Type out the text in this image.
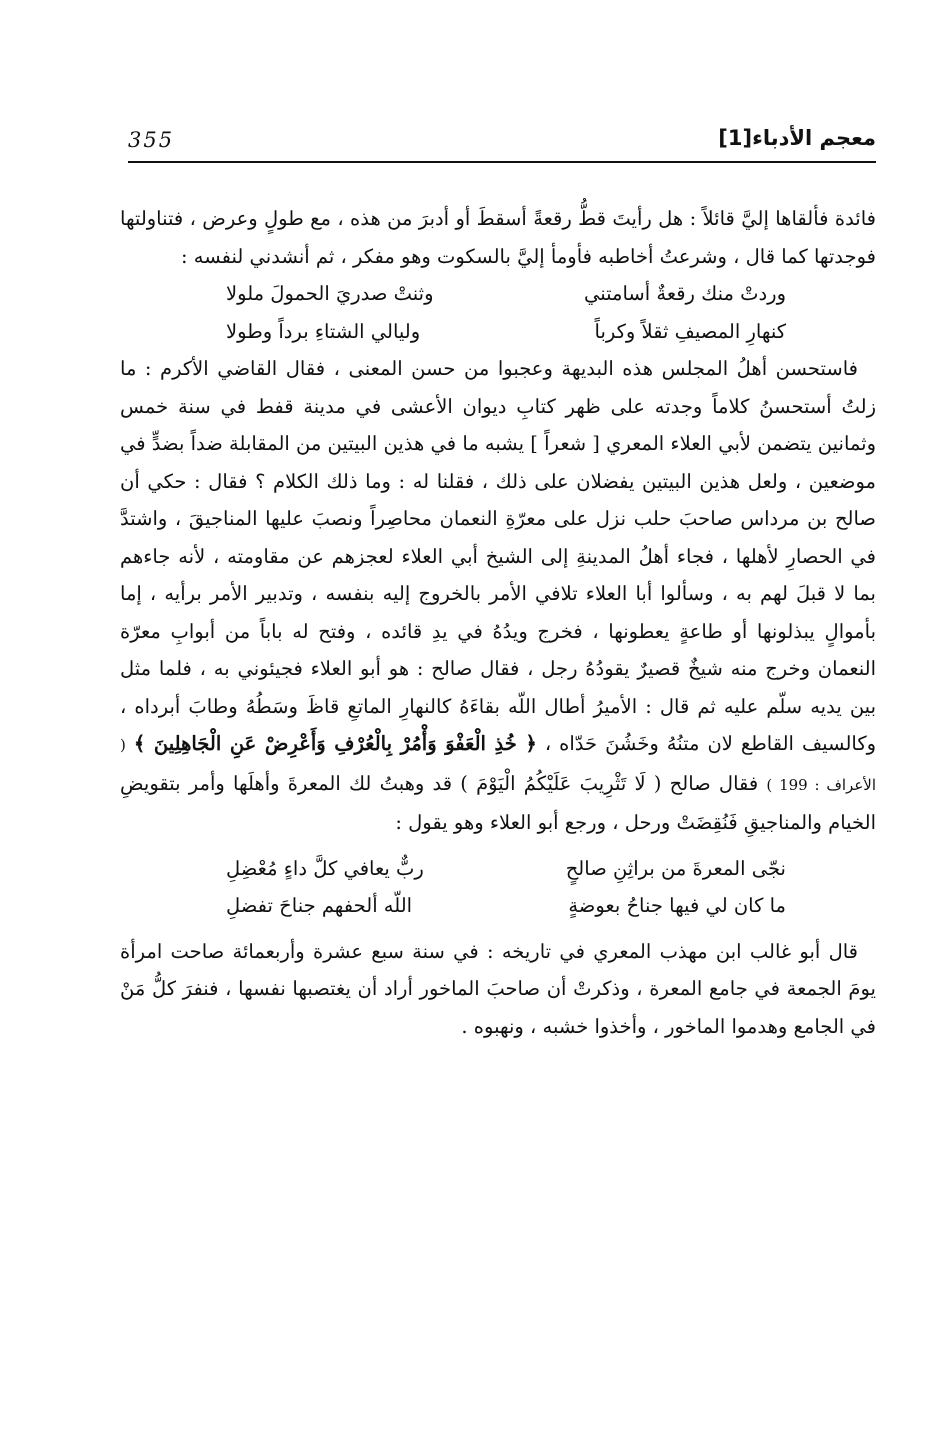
355	معجم الأدباء[1]

فائدة فألقاها إليَّ قائلاً : هل رأيتَ قطُّ رقعةً أسقطَ أو أدبرَ من هذه ، مع طولٍ وعرض ، فتناولتها فوجدتها كما قال ، وشرعتُ أخاطبه فأومأ إليَّ بالسكوت وهو مفكر ، ثم أنشدني لنفسه :

وردتْ منك رقعةٌ أسامتني
وثنتْ صدريَ الحمولَ ملولا
كنهارِ المصيفِ ثقلاً وكرباً
وليالي الشتاءِ برداً وطولا

فاستحسن أهلُ المجلس هذه البديهة وعجبوا من حسن المعنى ، فقال القاضي الأكرم : ما زلتُ أستحسنُ كلاماً وجدته على ظهر كتابِ ديوان الأعشى في مدينة قفط في سنة خمس وثمانين يتضمن لأبي العلاء المعري [ شعراً ] يشبه ما في هذين البيتين من المقابلة ضداً بضدٍّ في موضعين ، ولعل هذين البيتين يفضلان على ذلك ، فقلنا له : وما ذلك الكلام ؟ فقال : حكي أن صالح بن مرداس صاحبَ حلب نزل على معرّةِ النعمان محاصِراً ونصبَ عليها المناجيقَ ، واشتدَّ في الحصارِ لأهلها ، فجاء أهلُ المدينةِ إلى الشيخ أبي العلاء لعجزهم عن مقاومته ، لأنه جاءهم بما لا قبلَ لهم به ، وسألوا أبا العلاء تلافي الأمر بالخروج إليه بنفسه ، وتدبير الأمر برأيه ، إما بأموالٍ يبذلونها أو طاعةٍ يعطونها ، فخرج ويدُهُ في يدِ قائده ، وفتح له باباً من أبوابِ معرّة النعمان وخرج منه شيخٌ قصيرٌ يقودُهُ رجل ، فقال صالح : هو أبو العلاء فجيئوني به ، فلما مثل بين يديه سلّم عليه ثم قال : الأميرُ أطال اللّه بقاءَهُ كالنهارِ الماتعِ قاظَ وسَطُهُ وطابَ أبرداه ، وكالسيف القاطع لان متنُهُ وخَشُنَ حَدّاه ، ﴿ خُذِ الْعَفْوَ وَأْمُرْ بِالْعُرْفِ وَأَعْرِضْ عَنِ الْجَاهِلِينَ ﴾ ( الأعراف : 199 ) فقال صالح ( لَا تَثْرِيبَ عَلَيْكُمُ الْيَوْمَ ) قد وهبتُ لك المعرةَ وأهلَها وأمر بتقويضِ الخيام والمناجيقِ فَنُقِضَتْ ورحل ، ورجع أبو العلاء وهو يقول :

نجّى المعرةَ من براثِنِ صالحٍ
ربٌّ يعافي كلَّ داءٍ مُعْضِلِ
ما كان لي فيها جناحُ بعوضةٍ
اللّه ألحفهم جناحَ تفضلِ

قال أبو غالب ابن مهذب المعري في تاريخه : في سنة سبع عشرة وأربعمائة صاحت امرأة يومَ الجمعة في جامع المعرة ، وذكرتْ أن صاحبَ الماخور أراد أن يغتصبها نفسها ، فنفرَ كلُّ مَنْ في الجامع وهدموا الماخور ، وأخذوا خشبه ، ونهبوه .
